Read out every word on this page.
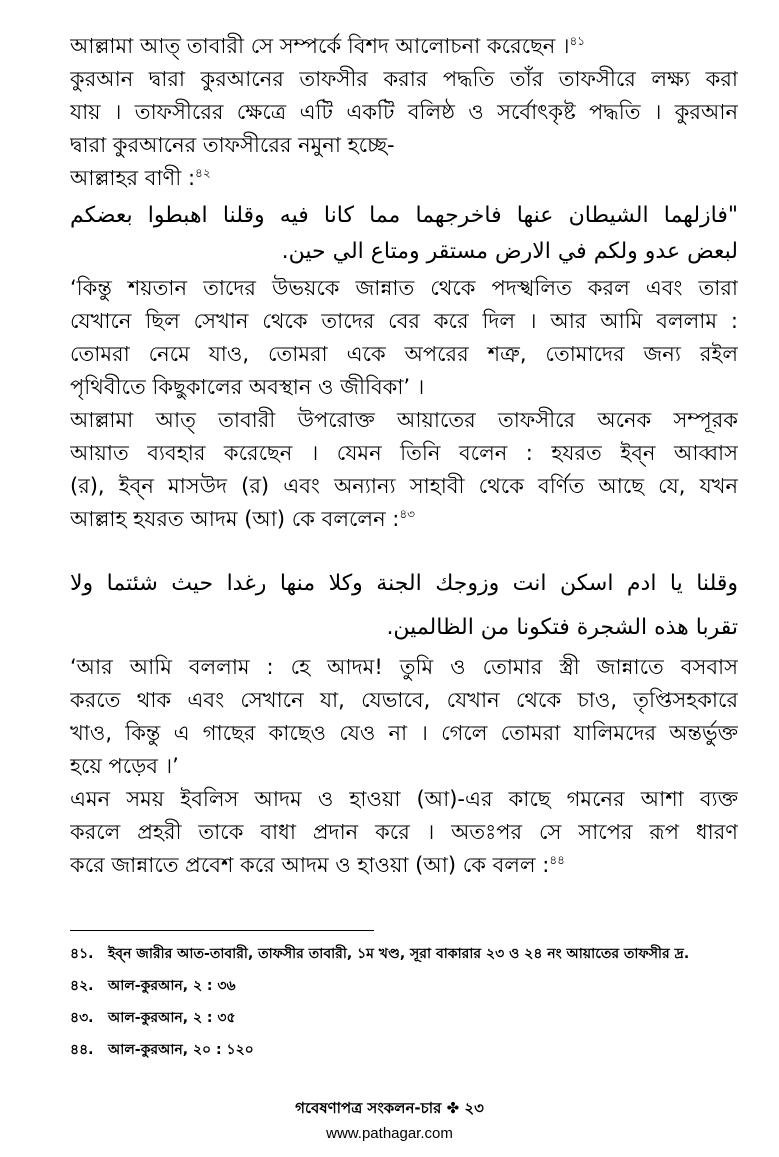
আল্লামা আত্ তাবারী সে সম্পর্কে বিশদ আলোচনা করেছেন ।$^{৪১}$
কুরআন দ্বারা কুরআনের তাফসীর করার পদ্ধতি তাঁর তাফসীরে লক্ষ্য করা
যায় । তাফসীরের ক্ষেত্রে এটি একটি বলিষ্ঠ ও সর্বোৎকৃষ্ট পদ্ধতি । কুরআন
দ্বারা কুরআনের তাফসীরের নমুনা হচ্ছে-
আল্লাহর বাণী :$^{৪২}$
"فازلهما الشيطان عنها فاخرجهما مما كانا فيه وقلنا اهبطوا بعضكم
لبعض عدو ولكم في الارض مستقر ومتاع الي حين.
‘কিন্তু শয়তান তাদের উভয়কে জান্নাত থেকে পদস্খলিত করল এবং তারা
যেখানে ছিল সেখান থেকে তাদের বের করে দিল । আর আমি বললাম :
তোমরা নেমে যাও, তোমরা একে অপরের শত্রু, তোমাদের জন্য রইল
পৃথিবীতে কিছুকালের অবস্থান ও জীবিকা’ ।
আল্লামা আত্ তাবারী উপরোক্ত আয়াতের তাফসীরে অনেক সম্পূরক
আয়াত ব্যবহার করেছেন । যেমন তিনি বলেন : হযরত ইব্ন আব্বাস
(র), ইব্ন মাসউদ (র) এবং অন্যান্য সাহাবী থেকে বর্ণিত আছে যে, যখন
আল্লাহ হযরত আদম (আ) কে বললেন :$^{৪৩}$
وقلنا يا ادم اسكن انت وزوجك الجنة وكلا منها رغدا حيث شئتما ولا
تقربا هذه الشجرة فتكونا من الظالمين.
‘আর আমি বললাম : হে আদম! তুমি ও তোমার স্ত্রী জান্নাতে বসবাস
করতে থাক এবং সেখানে যা, যেভাবে, যেখান থেকে চাও, তৃপ্তিসহকারে
খাও, কিন্তু এ গাছের কাছেও যেও না । গেলে তোমরা যালিমদের অন্তর্ভুক্ত
হয়ে পড়েব ।’
এমন সময় ইবলিস আদম ও হাওয়া (আ)-এর কাছে গমনের আশা ব্যক্ত
করলে প্রহরী তাকে বাধা প্রদান করে । অতঃপর সে সাপের রূপ ধারণ
করে জান্নাতে প্রবেশ করে আদম ও হাওয়া (আ) কে বলল :$^{৪৪}$
৪১.	ইব্ন জারীর আত-তাবারী, তাফসীর তাবারী, ১ম খণ্ড, সূরা বাকারার ২৩ ও ২৪ নং আয়াতের তাফসীর দ্র.
৪২.	আল-কুরআন, ২ : ৩৬
৪৩.	আল-কুরআন, ২ : ৩৫
৪৪.	আল-কুরআন, ২০ : ১২০
গবেষণাপত্র সংকলন-চার ✤ ২৩
www.pathagar.com
